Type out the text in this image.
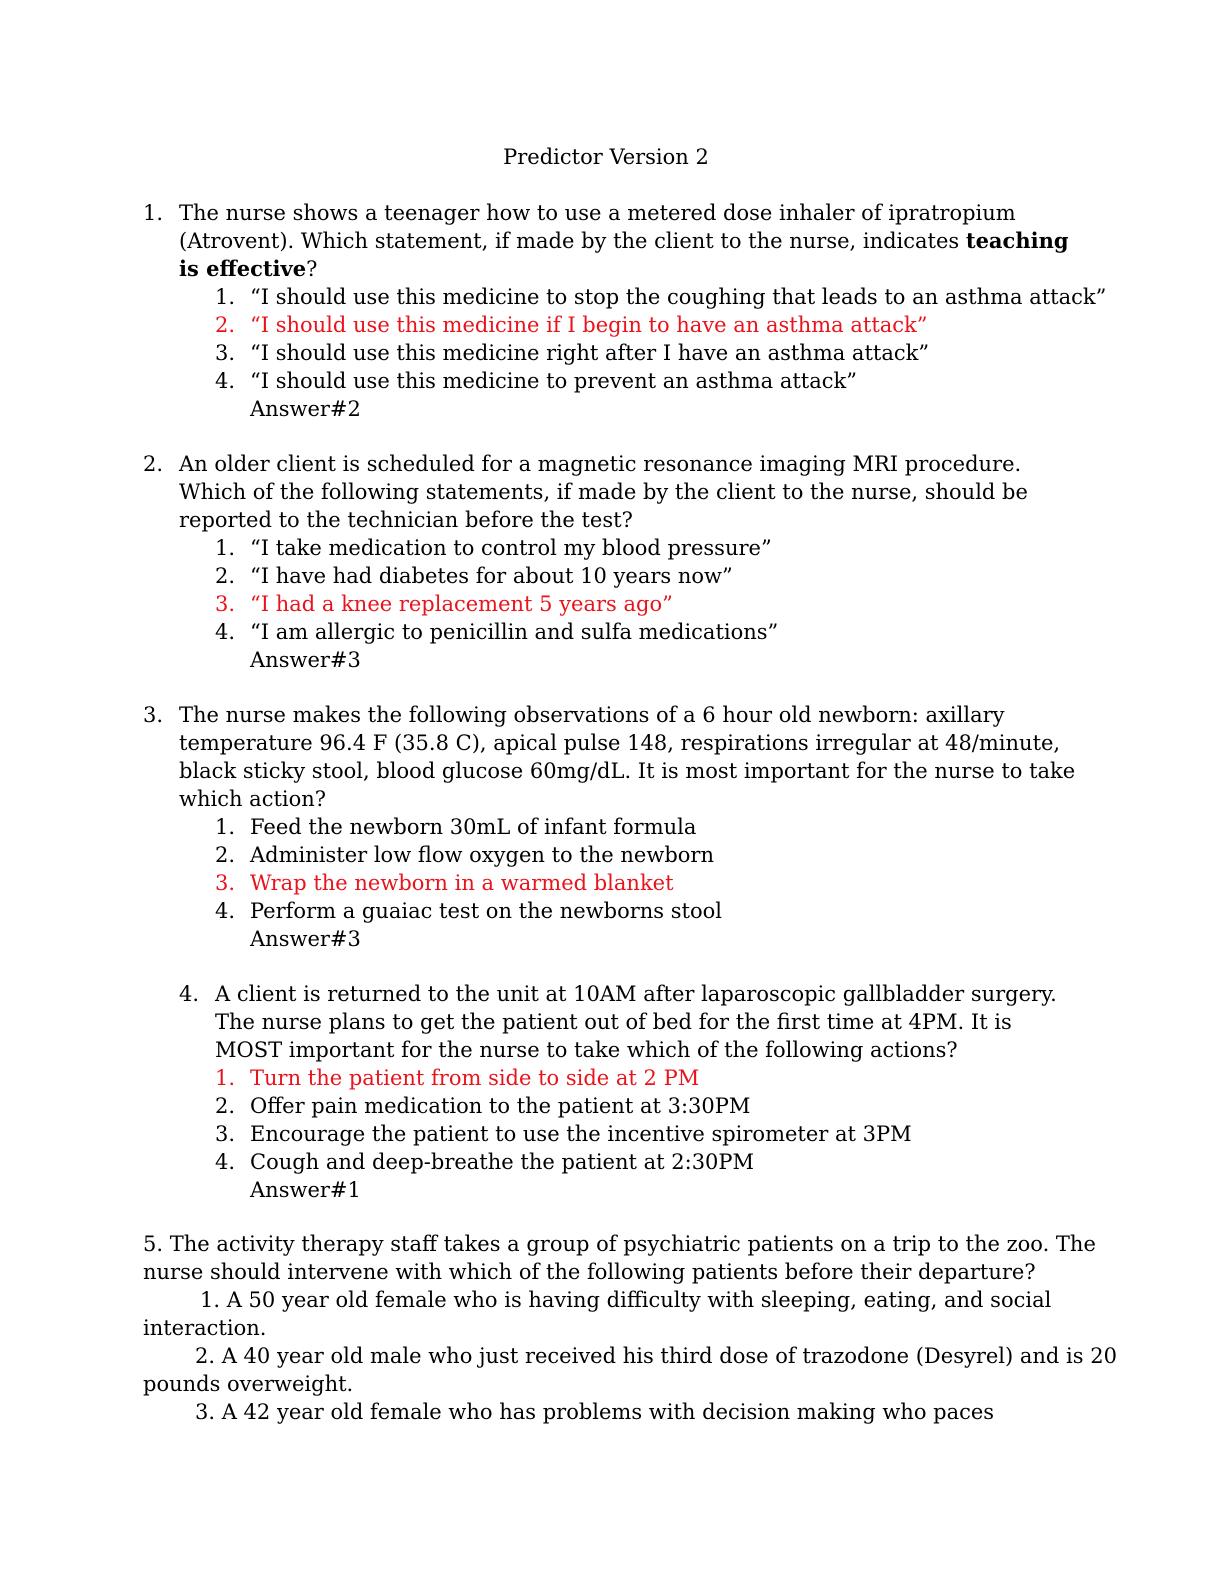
Predictor Version 2
1. The nurse shows a teenager how to use a metered dose inhaler of ipratropium (Atrovent). Which statement, if made by the client to the nurse, indicates teaching is effective?
1. “I should use this medicine to stop the coughing that leads to an asthma attack”
2. “I should use this medicine if I begin to have an asthma attack”
3. “I should use this medicine right after I have an asthma attack”
4. “I should use this medicine to prevent an asthma attack”
Answer#2
2. An older client is scheduled for a magnetic resonance imaging MRI procedure. Which of the following statements, if made by the client to the nurse, should be reported to the technician before the test?
1. “I take medication to control my blood pressure”
2. “I have had diabetes for about 10 years now”
3. “I had a knee replacement 5 years ago”
4. “I am allergic to penicillin and sulfa medications”
Answer#3
3. The nurse makes the following observations of a 6 hour old newborn: axillary temperature 96.4 F (35.8 C), apical pulse 148, respirations irregular at 48/minute, black sticky stool, blood glucose 60mg/dL. It is most important for the nurse to take which action?
1. Feed the newborn 30mL of infant formula
2. Administer low flow oxygen to the newborn
3. Wrap the newborn in a warmed blanket
4. Perform a guaiac test on the newborns stool
Answer#3
4. A client is returned to the unit at 10AM after laparoscopic gallbladder surgery. The nurse plans to get the patient out of bed for the first time at 4PM. It is MOST important for the nurse to take which of the following actions?
1. Turn the patient from side to side at 2 PM
2. Offer pain medication to the patient at 3:30PM
3. Encourage the patient to use the incentive spirometer at 3PM
4. Cough and deep-breathe the patient at 2:30PM
Answer#1
5. The activity therapy staff takes a group of psychiatric patients on a trip to the zoo. The
nurse should intervene with which of the following patients before their departure?
1. A 50 year old female who is having difficulty with sleeping, eating, and social
interaction.
2. A 40 year old male who just received his third dose of trazodone (Desyrel) and is 20
pounds overweight.
3. A 42 year old female who has problems with decision making who paces
